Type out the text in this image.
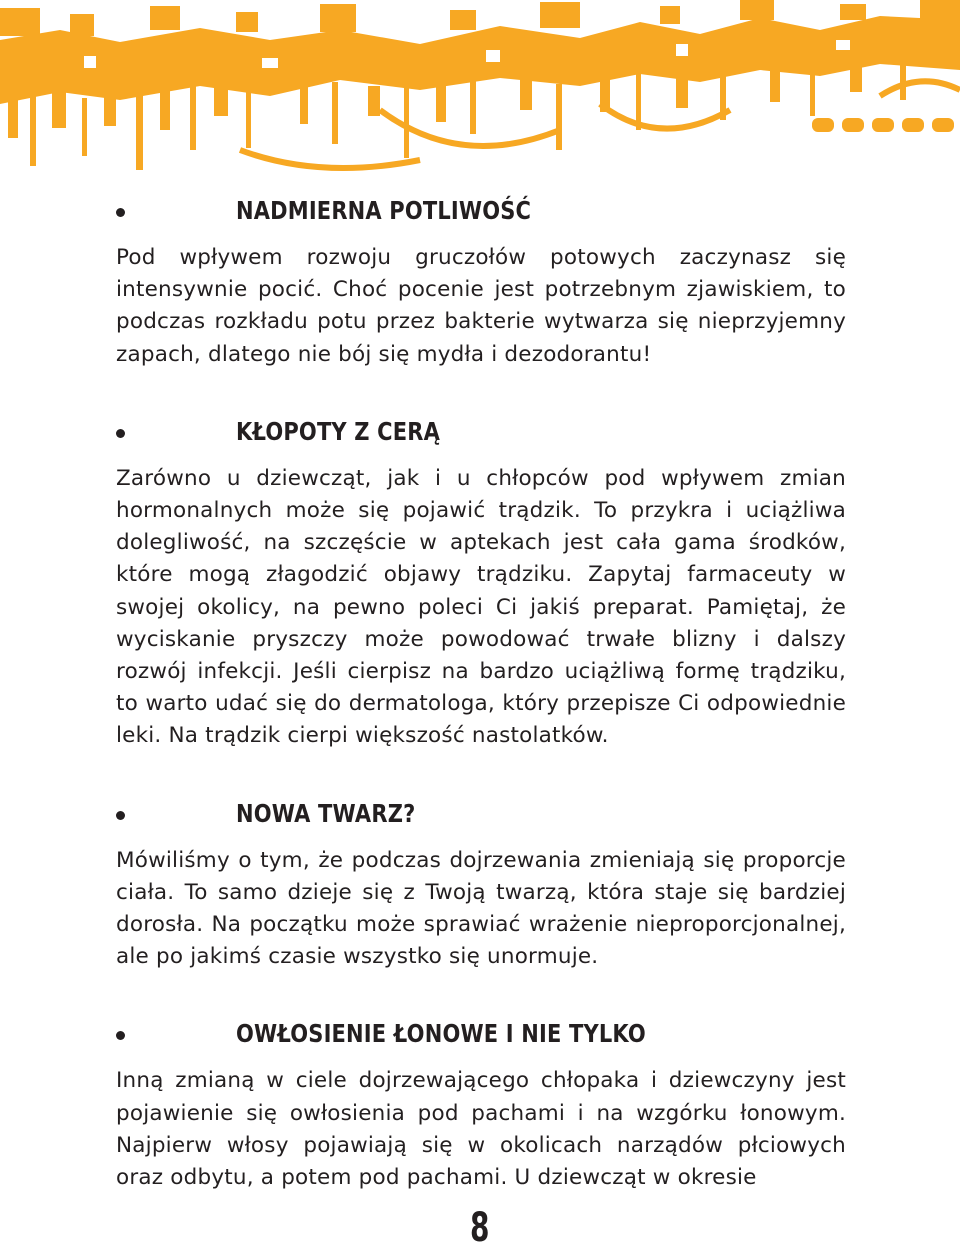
NADMIERNA POTLIWOŚĆ

Pod wpływem rozwoju gruczołów potowych zaczynasz się intensywnie pocić. Choć pocenie jest potrzebnym zjawiskiem, to podczas rozkładu potu przez bakterie wytwarza się nieprzyjemny zapach, dlatego nie bój się mydła i dezodorantu!

KŁOPOTY Z CERĄ

Zarówno u dziewcząt, jak i u chłopców pod wpływem zmian hormonalnych może się pojawić trądzik. To przykra i uciążliwa dolegliwość, na szczęście w aptekach jest cała gama środków, które mogą złagodzić objawy trądziku. Zapytaj farmaceuty w swojej okolicy, na pewno poleci Ci jakiś preparat. Pamiętaj, że wyciskanie pryszczy może powodować trwałe blizny i dalszy rozwój infekcji. Jeśli cierpisz na bardzo uciążliwą formę trądziku, to warto udać się do dermatologa, który przepisze Ci odpowiednie leki. Na trądzik cierpi większość nastolatków.

NOWA TWARZ?

Mówiliśmy o tym, że podczas dojrzewania zmieniają się proporcje ciała. To samo dzieje się z Twoją twarzą, która staje się bardziej dorosła. Na początku może sprawiać wrażenie nieproporcjonalnej, ale po jakimś czasie wszystko się unormuje.

OWŁOSIENIE ŁONOWE I NIE TYLKO

Inną zmianą w ciele dojrzewającego chłopaka i dziewczyny jest pojawienie się owłosienia pod pachami i na wzgórku łonowym. Najpierw włosy pojawiają się w okolicach narządów płciowych oraz odbytu, a potem pod pachami. U dziewcząt w okresie

8
